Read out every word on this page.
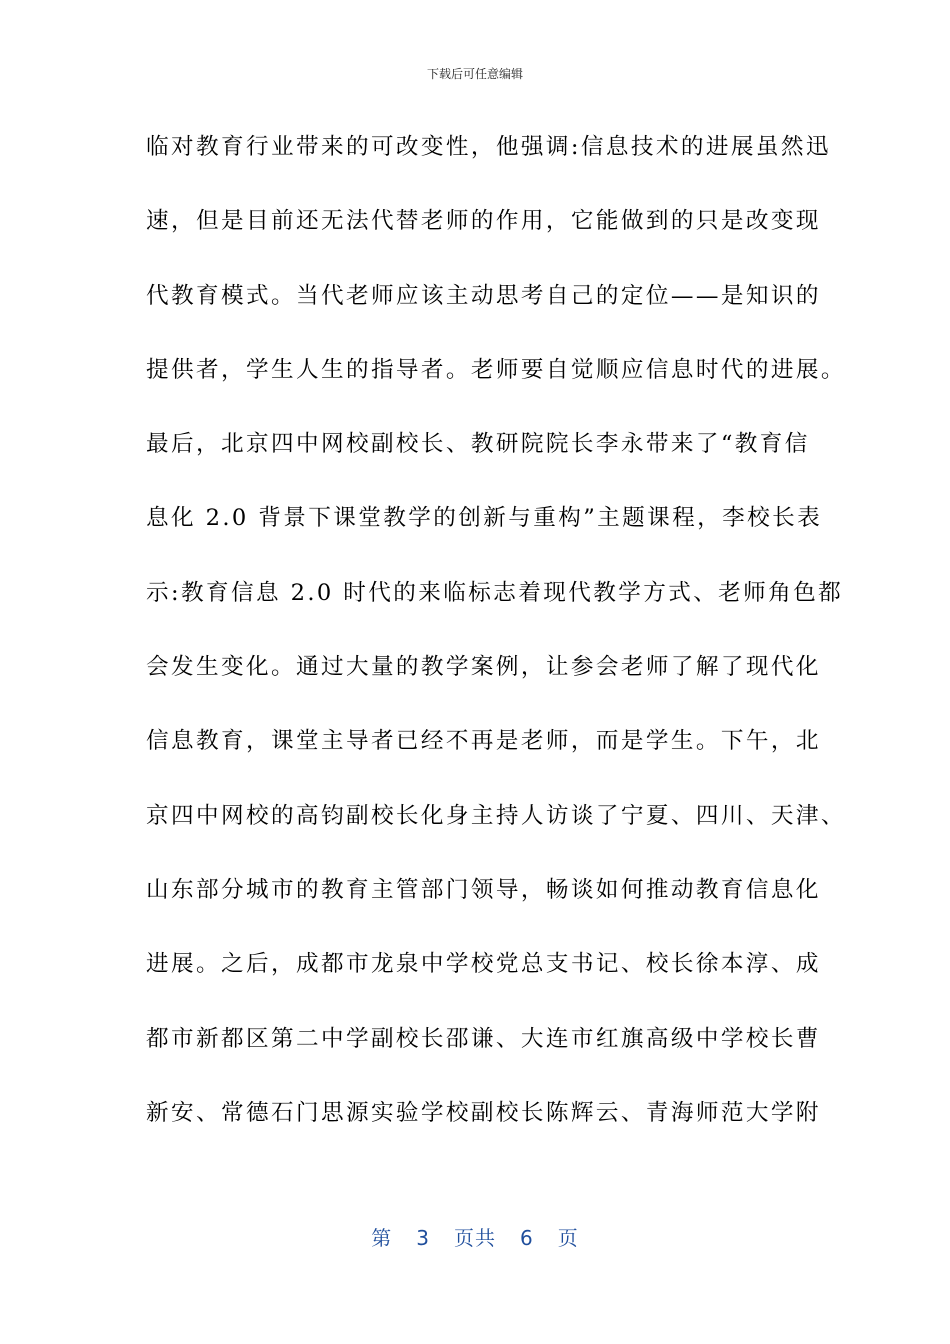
下载后可任意编辑
临对教育行业带来的可改变性，他强调:信息技术的进展虽然迅
速，但是目前还无法代替老师的作用，它能做到的只是改变现
代教育模式。当代老师应该主动思考自己的定位——是知识的
提供者，学生人生的指导者。老师要自觉顺应信息时代的进展。
最后，北京四中网校副校长、教研院院长李永带来了“教育信
息化 2.0 背景下课堂教学的创新与重构”主题课程，李校长表
示:教育信息 2.0 时代的来临标志着现代教学方式、老师角色都
会发生变化。通过大量的教学案例，让参会老师了解了现代化
信息教育，课堂主导者已经不再是老师，而是学生。下午，北
京四中网校的高钧副校长化身主持人访谈了宁夏、四川、天津、
山东部分城市的教育主管部门领导，畅谈如何推动教育信息化
进展。之后，成都市龙泉中学校党总支书记、校长徐本淳、成
都市新都区第二中学副校长邵谦、大连市红旗高级中学校长曹
新安、常德石门思源实验学校副校长陈辉云、青海师范大学附
第 3 页共 6 页
